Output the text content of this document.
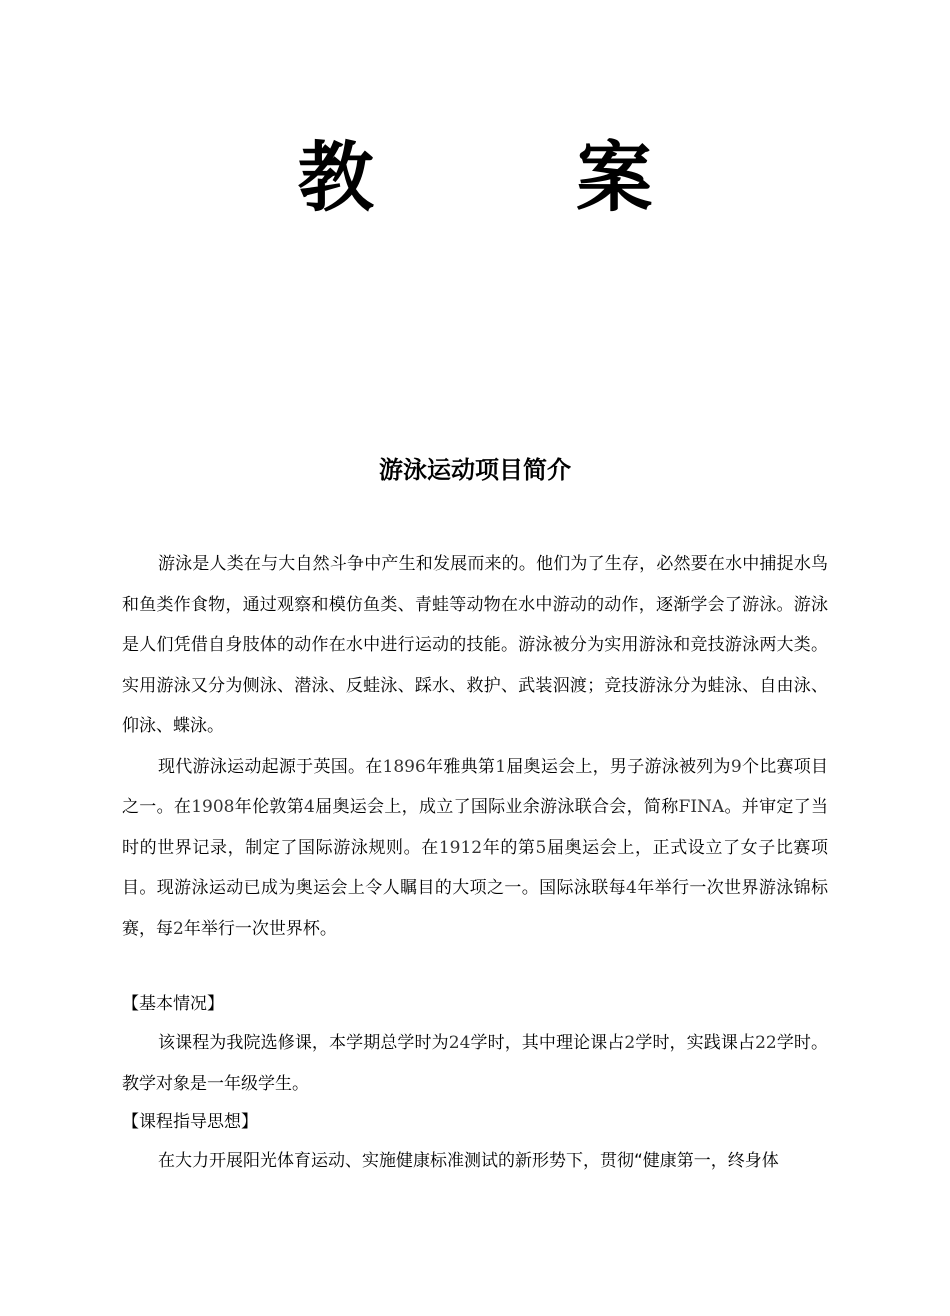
教 案
游泳运动项目简介

游泳是人类在与大自然斗争中产生和发展而来的。他们为了生存，必然要在水中捕捉水鸟和鱼类作食物，通过观察和模仿鱼类、青蛙等动物在水中游动的动作，逐渐学会了游泳。游泳是人们凭借自身肢体的动作在水中进行运动的技能。游泳被分为实用游泳和竞技游泳两大类。实用游泳又分为侧泳、潜泳、反蛙泳、踩水、救护、武装泅渡；竞技游泳分为蛙泳、自由泳、仰泳、蝶泳。

现代游泳运动起源于英国。在1896年雅典第1届奥运会上，男子游泳被列为9个比赛项目之一。在1908年伦敦第4届奥运会上，成立了国际业余游泳联合会，简称FINA。并审定了当时的世界记录，制定了国际游泳规则。在1912年的第5届奥运会上，正式设立了女子比赛项目。现游泳运动已成为奥运会上令人瞩目的大项之一。国际泳联每4年举行一次世界游泳锦标赛，每2年举行一次世界杯。

【基本情况】

该课程为我院选修课，本学期总学时为24学时，其中理论课占2学时，实践课占22学时。教学对象是一年级学生。

【课程指导思想】

在大力开展阳光体育运动、实施健康标准测试的新形势下，贯彻“健康第一，终身体
